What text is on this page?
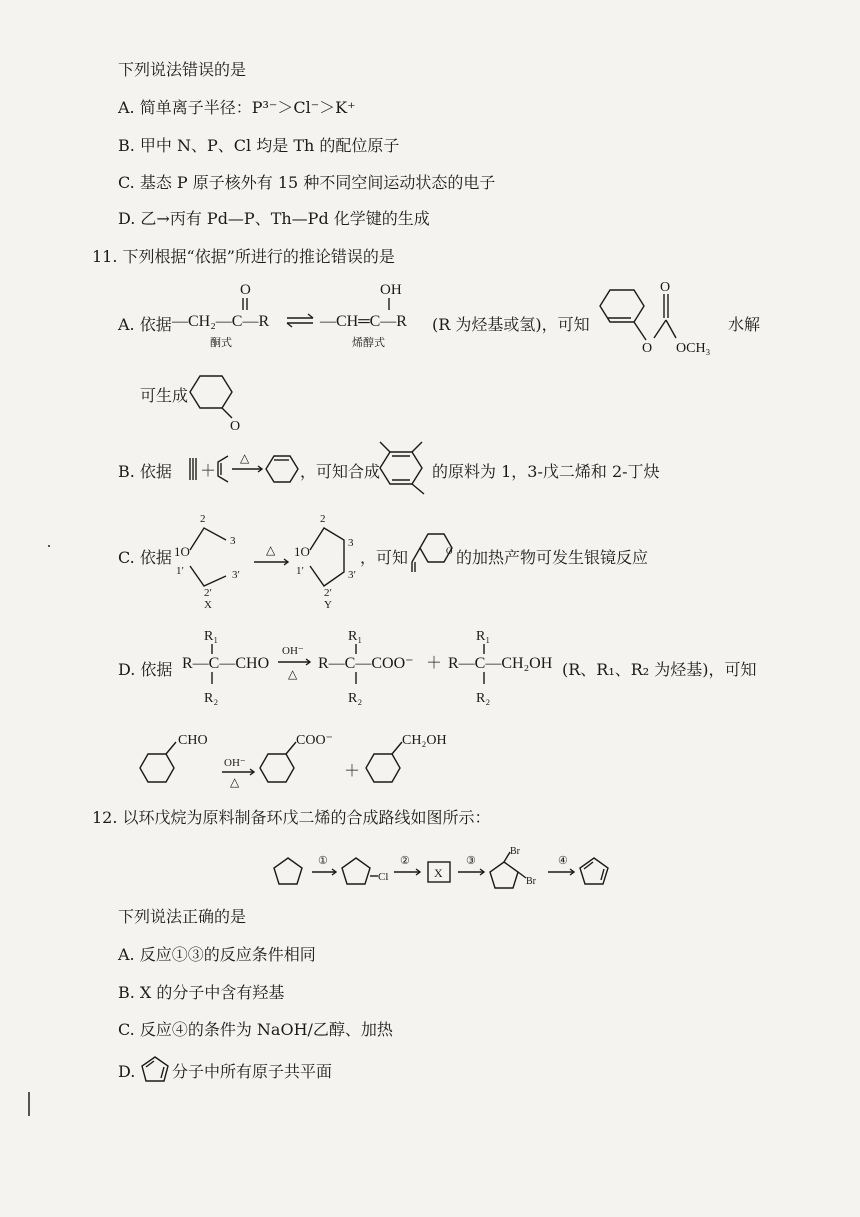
下列说法错误的是
A. 简单离子半径：P³⁻＞Cl⁻＞K⁺
B. 甲中 N、P、Cl 均是 Th 的配位原子
C. 基态 P 原子核外有 15 种不同空间运动状态的电子
D. 乙→丙有 Pd—P、Th—Pd 化学键的生成
11. 下列根据“依据”所进行的推论错误的是
A. 依据 —CH₂—C—R
O
酮式
—CH═C—R
OH
烯醇式
(R 为烃基或氢)，可知
O
O
OCH₃
水解
可生成
O
B. 依据 ＋
△
，可知合成	的原料为 1，3-戊二烯和 2-丁炔
C. 依据
2
1O
3
1′	3′
2′
X
△
2
1O
3
1′	3′
2′
Y
，可知	O 的加热产物可发生银镜反应
D. 依据
R₁
R—C—CHO
R₂
OH⁻
△
R₁
R—C—COO⁻
R₂
＋
R₁
R—C—CH₂OH
R₂
(R、R₁、R₂ 为烃基)，可知
CHO
OH⁻
△
COO⁻
＋
CH₂OH
12. 以环戊烷为原料制备环戊二烯的合成路线如图所示：
①
Cl
②
X
③
Br
Br
④
下列说法正确的是
A. 反应①③的反应条件相同
B. X 的分子中含有羟基
C. 反应④的条件为 NaOH/乙醇、加热
D. 分子中所有原子共平面
